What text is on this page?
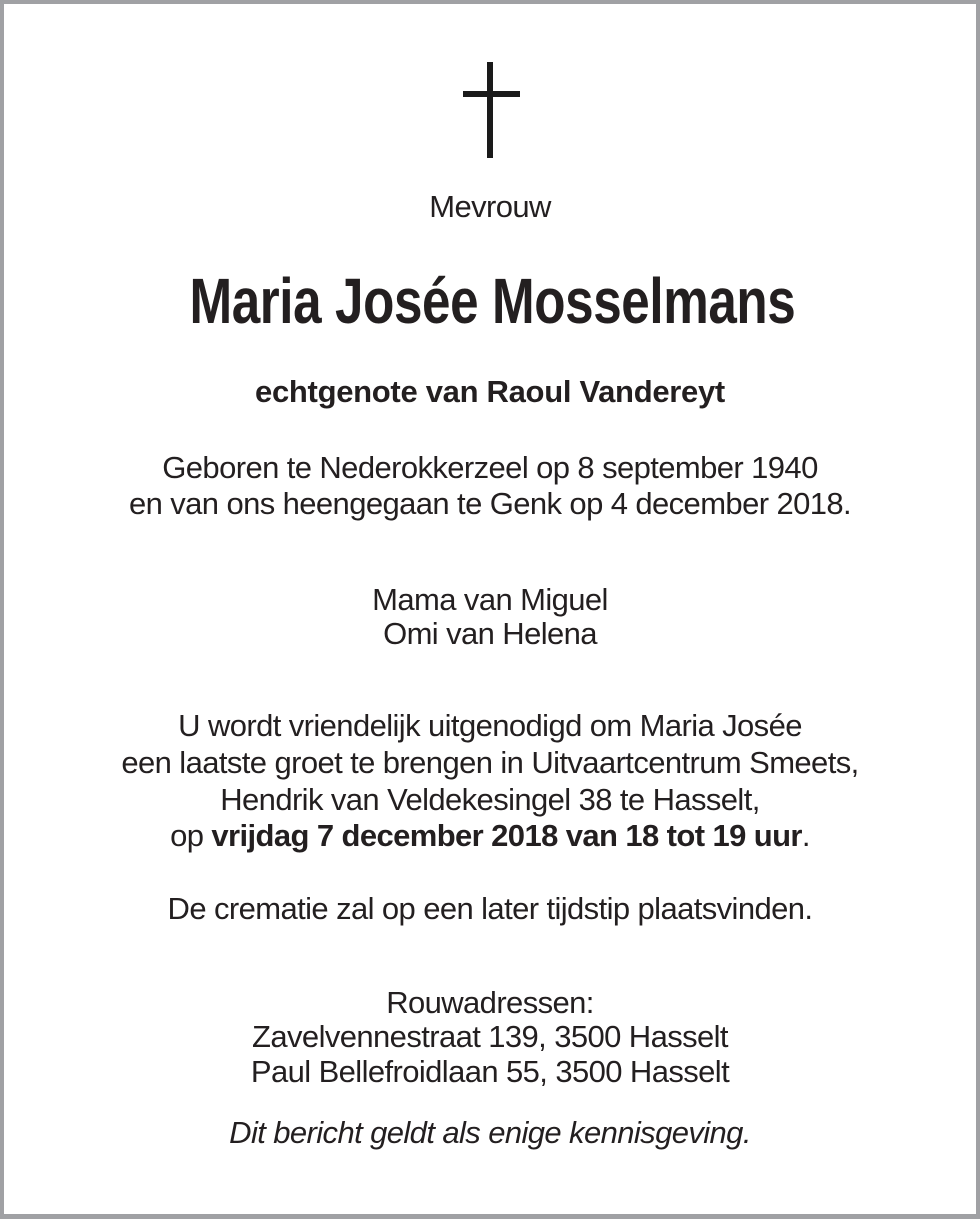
Mevrouw
Maria Josée Mosselmans
echtgenote van Raoul Vandereyt
Geboren te Nederokkerzeel op 8 september 1940
en van ons heengegaan te Genk op 4 december 2018.
Mama van Miguel
Omi van Helena
U wordt vriendelijk uitgenodigd om Maria Josée
een laatste groet te brengen in Uitvaartcentrum Smeets,
Hendrik van Veldekesingel 38 te Hasselt,
op vrijdag 7 december 2018 van 18 tot 19 uur.
De crematie zal op een later tijdstip plaatsvinden.
Rouwadressen:
Zavelvennestraat 139, 3500 Hasselt
Paul Bellefroidlaan 55, 3500 Hasselt
Dit bericht geldt als enige kennisgeving.
